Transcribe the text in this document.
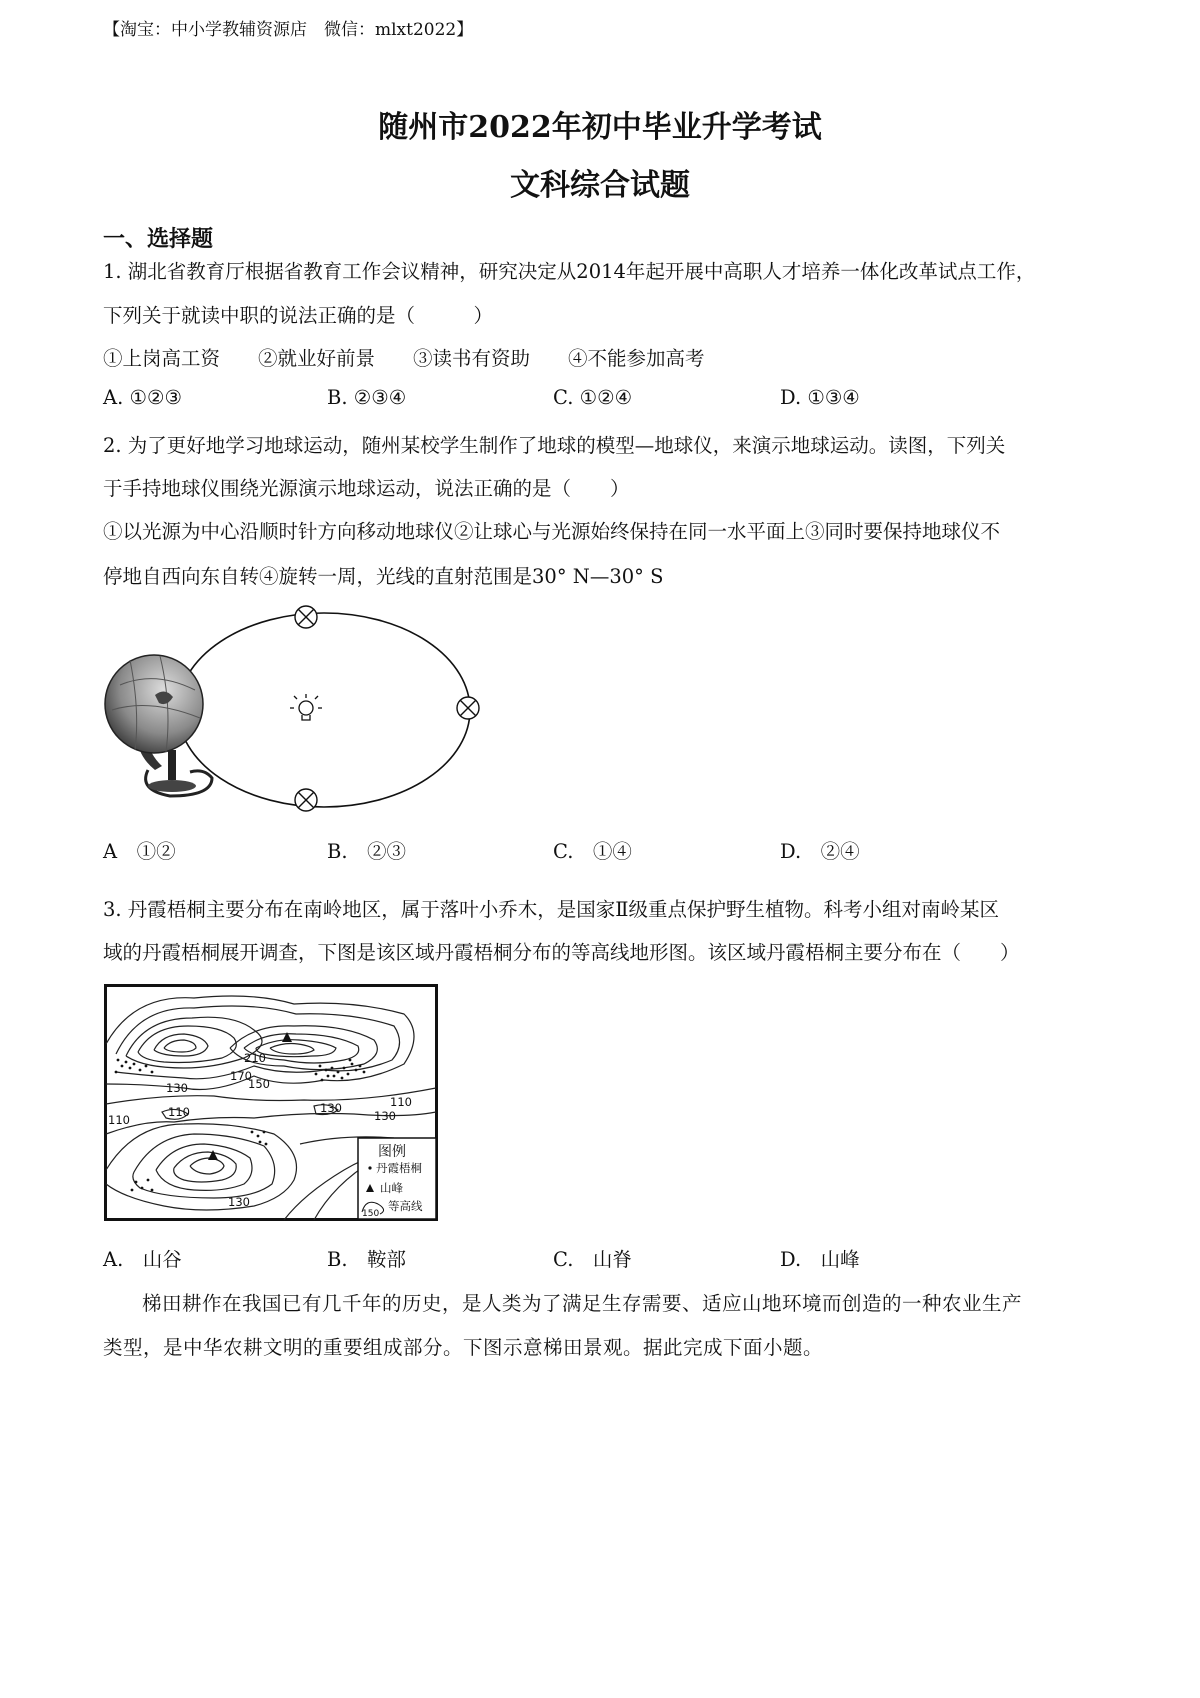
【淘宝：中小学教辅资源店　微信：mlxt2022】
随州市2022年初中毕业升学考试
文科综合试题
一、选择题
1. 湖北省教育厅根据省教育工作会议精神，研究决定从2014年起开展中高职人才培养一体化改革试点工作，
下列关于就读中职的说法正确的是（　　　）
①上岗高工资 ②就业好前景 ③读书有资助 ④不能参加高考
A. ①②③	B. ②③④	C. ①②④	D. ①③④
2. 为了更好地学习地球运动，随州某校学生制作了地球的模型—地球仪，来演示地球运动。读图，下列关
于手持地球仪围绕光源演示地球运动，说法正确的是（　　）
①以光源为中心沿顺时针方向移动地球仪②让球心与光源始终保持在同一水平面上③同时要保持地球仪不
停地自西向东自转④旋转一周，光线的直射范围是30° N—30° S
A　①②	B.　②③	C.　①④	D.　②④
3. 丹霞梧桐主要分布在南岭地区，属于落叶小乔木，是国家Ⅱ级重点保护野生植物。科考小组对南岭某区
域的丹霞梧桐展开调查，下图是该区域丹霞梧桐分布的等高线地形图。该区域丹霞梧桐主要分布在（　　）
210
170
150
130
110	130	110
130
110
130
图例
丹霞梧桐
山峰
150
等高线
A.　山谷	B.　鞍部	C.　山脊	D.　山峰
梯田耕作在我国已有几千年的历史，是人类为了满足生存需要、适应山地环境而创造的一种农业生产
类型，是中华农耕文明的重要组成部分。下图示意梯田景观。据此完成下面小题。
